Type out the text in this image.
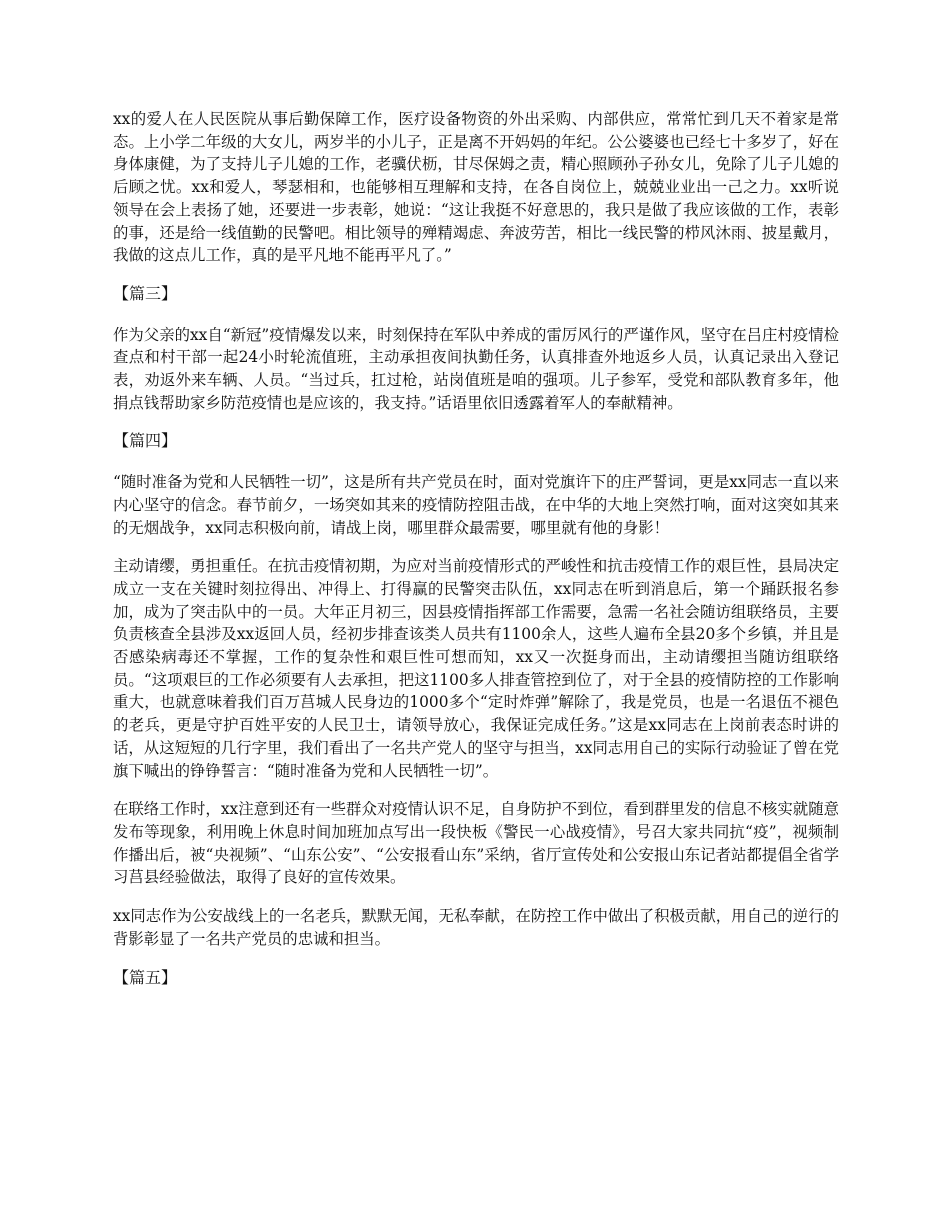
xx的爱人在人民医院从事后勤保障工作，医疗设备物资的外出采购、内部供应，常常忙到几天不着家是常态。上小学二年级的大女儿，两岁半的小儿子，正是离不开妈妈的年纪。公公婆婆也已经七十多岁了，好在身体康健，为了支持儿子儿媳的工作，老骥伏枥，甘尽保姆之责，精心照顾孙子孙女儿，免除了儿子儿媳的后顾之忧。xx和爱人，琴瑟相和，也能够相互理解和支持，在各自岗位上，兢兢业业出一己之力。xx听说领导在会上表扬了她，还要进一步表彰，她说：“这让我挺不好意思的，我只是做了我应该做的工作，表彰的事，还是给一线值勤的民警吧。相比领导的殚精竭虑、奔波劳苦，相比一线民警的栉风沐雨、披星戴月，我做的这点儿工作，真的是平凡地不能再平凡了。”

【篇三】

作为父亲的xx自“新冠”疫情爆发以来，时刻保持在军队中养成的雷厉风行的严谨作风，坚守在吕庄村疫情检查点和村干部一起24小时轮流值班，主动承担夜间执勤任务，认真排查外地返乡人员，认真记录出入登记表，劝返外来车辆、人员。“当过兵，扛过枪，站岗值班是咱的强项。儿子参军，受党和部队教育多年，他捐点钱帮助家乡防范疫情也是应该的，我支持。”话语里依旧透露着军人的奉献精神。

【篇四】

“随时准备为党和人民牺牲一切”，这是所有共产党员在时，面对党旗许下的庄严誓词，更是xx同志一直以来内心坚守的信念。春节前夕，一场突如其来的疫情防控阻击战，在中华的大地上突然打响，面对这突如其来的无烟战争，xx同志积极向前，请战上岗，哪里群众最需要，哪里就有他的身影！

主动请缨，勇担重任。在抗击疫情初期，为应对当前疫情形式的严峻性和抗击疫情工作的艰巨性，县局决定成立一支在关键时刻拉得出、冲得上、打得赢的民警突击队伍，xx同志在听到消息后，第一个踊跃报名参加，成为了突击队中的一员。大年正月初三，因县疫情指挥部工作需要，急需一名社会随访组联络员，主要负责核查全县涉及xx返回人员，经初步排查该类人员共有1100余人，这些人遍布全县20多个乡镇，并且是否感染病毒还不掌握，工作的复杂性和艰巨性可想而知，xx又一次挺身而出，主动请缨担当随访组联络员。“这项艰巨的工作必须要有人去承担，把这1100多人排查管控到位了，对于全县的疫情防控的工作影响重大，也就意味着我们百万莒城人民身边的1000多个“定时炸弹”解除了，我是党员，也是一名退伍不褪色的老兵，更是守护百姓平安的人民卫士，请领导放心，我保证完成任务。”这是xx同志在上岗前表态时讲的话，从这短短的几行字里，我们看出了一名共产党人的坚守与担当，xx同志用自己的实际行动验证了曾在党旗下喊出的铮铮誓言：“随时准备为党和人民牺牲一切”。

在联络工作时，xx注意到还有一些群众对疫情认识不足，自身防护不到位，看到群里发的信息不核实就随意发布等现象，利用晚上休息时间加班加点写出一段快板《警民一心战疫情》，号召大家共同抗“疫”，视频制作播出后，被“央视频”、“山东公安”、“公安报看山东”采纳，省厅宣传处和公安报山东记者站都提倡全省学习莒县经验做法，取得了良好的宣传效果。

xx同志作为公安战线上的一名老兵，默默无闻，无私奉献，在防控工作中做出了积极贡献，用自己的逆行的背影彰显了一名共产党员的忠诚和担当。

【篇五】
